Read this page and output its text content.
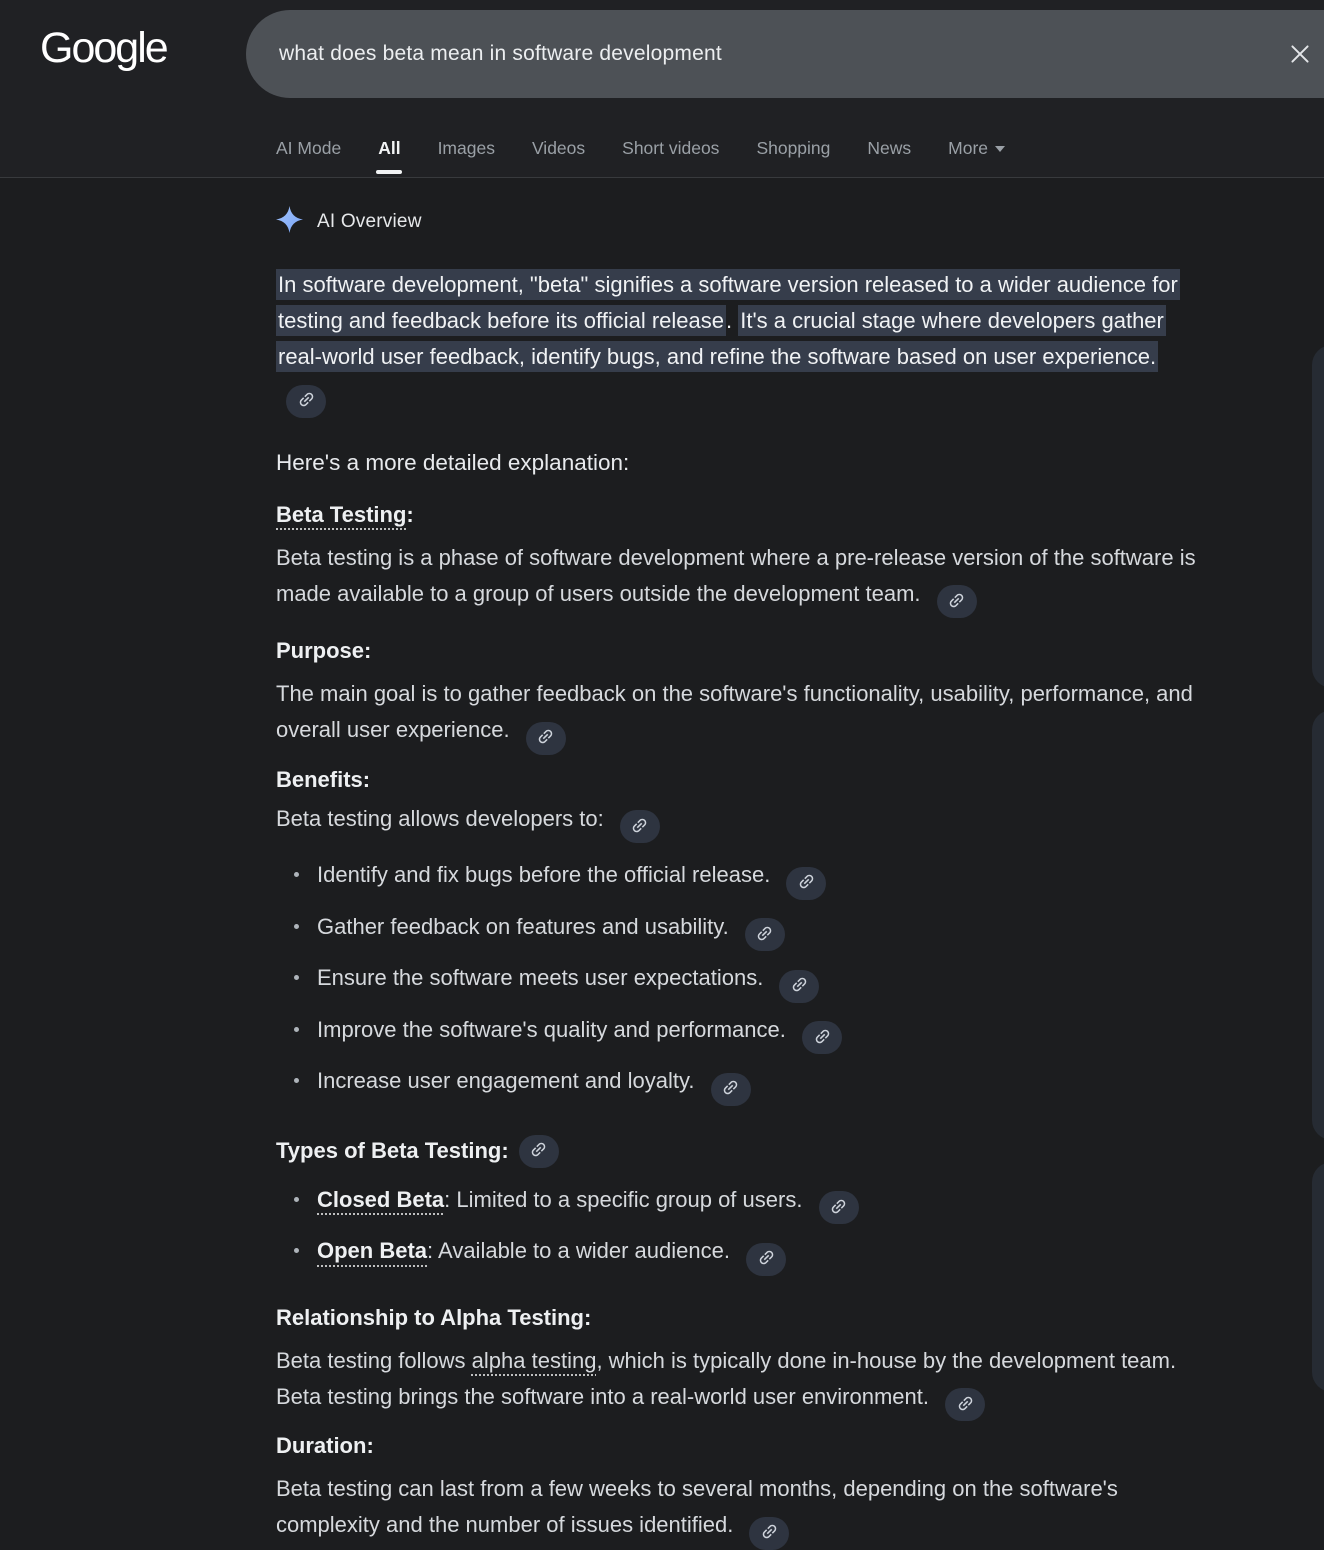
Google	what does beta mean in software development
AI Mode All Images Videos Short videos Shopping News More
AI Overview
In software development, "beta" signifies a software version released to a wider audience for testing and feedback before its official release. It's a crucial stage where developers gather real-world user feedback, identify bugs, and refine the software based on user experience.
Here's a more detailed explanation:
Beta Testing :
Beta testing is a phase of software development where a pre-release version of the software is made available to a group of users outside the development team.
Purpose:
The main goal is to gather feedback on the software's functionality, usability, performance, and overall user experience.
Benefits:
Beta testing allows developers to:
Identify and fix bugs before the official release.
Gather feedback on features and usability.
Ensure the software meets user expectations.
Improve the software's quality and performance.
Increase user engagement and loyalty.
Types of Beta Testing :
Closed Beta: Limited to a specific group of users.
Open Beta: Available to a wider audience.
Relationship to Alpha Testing:
Beta testing follows alpha testing, which is typically done in-house by the development team. Beta testing brings the software into a real-world user environment.
Duration:
Beta testing can last from a few weeks to several months, depending on the software's complexity and the number of issues identified.
